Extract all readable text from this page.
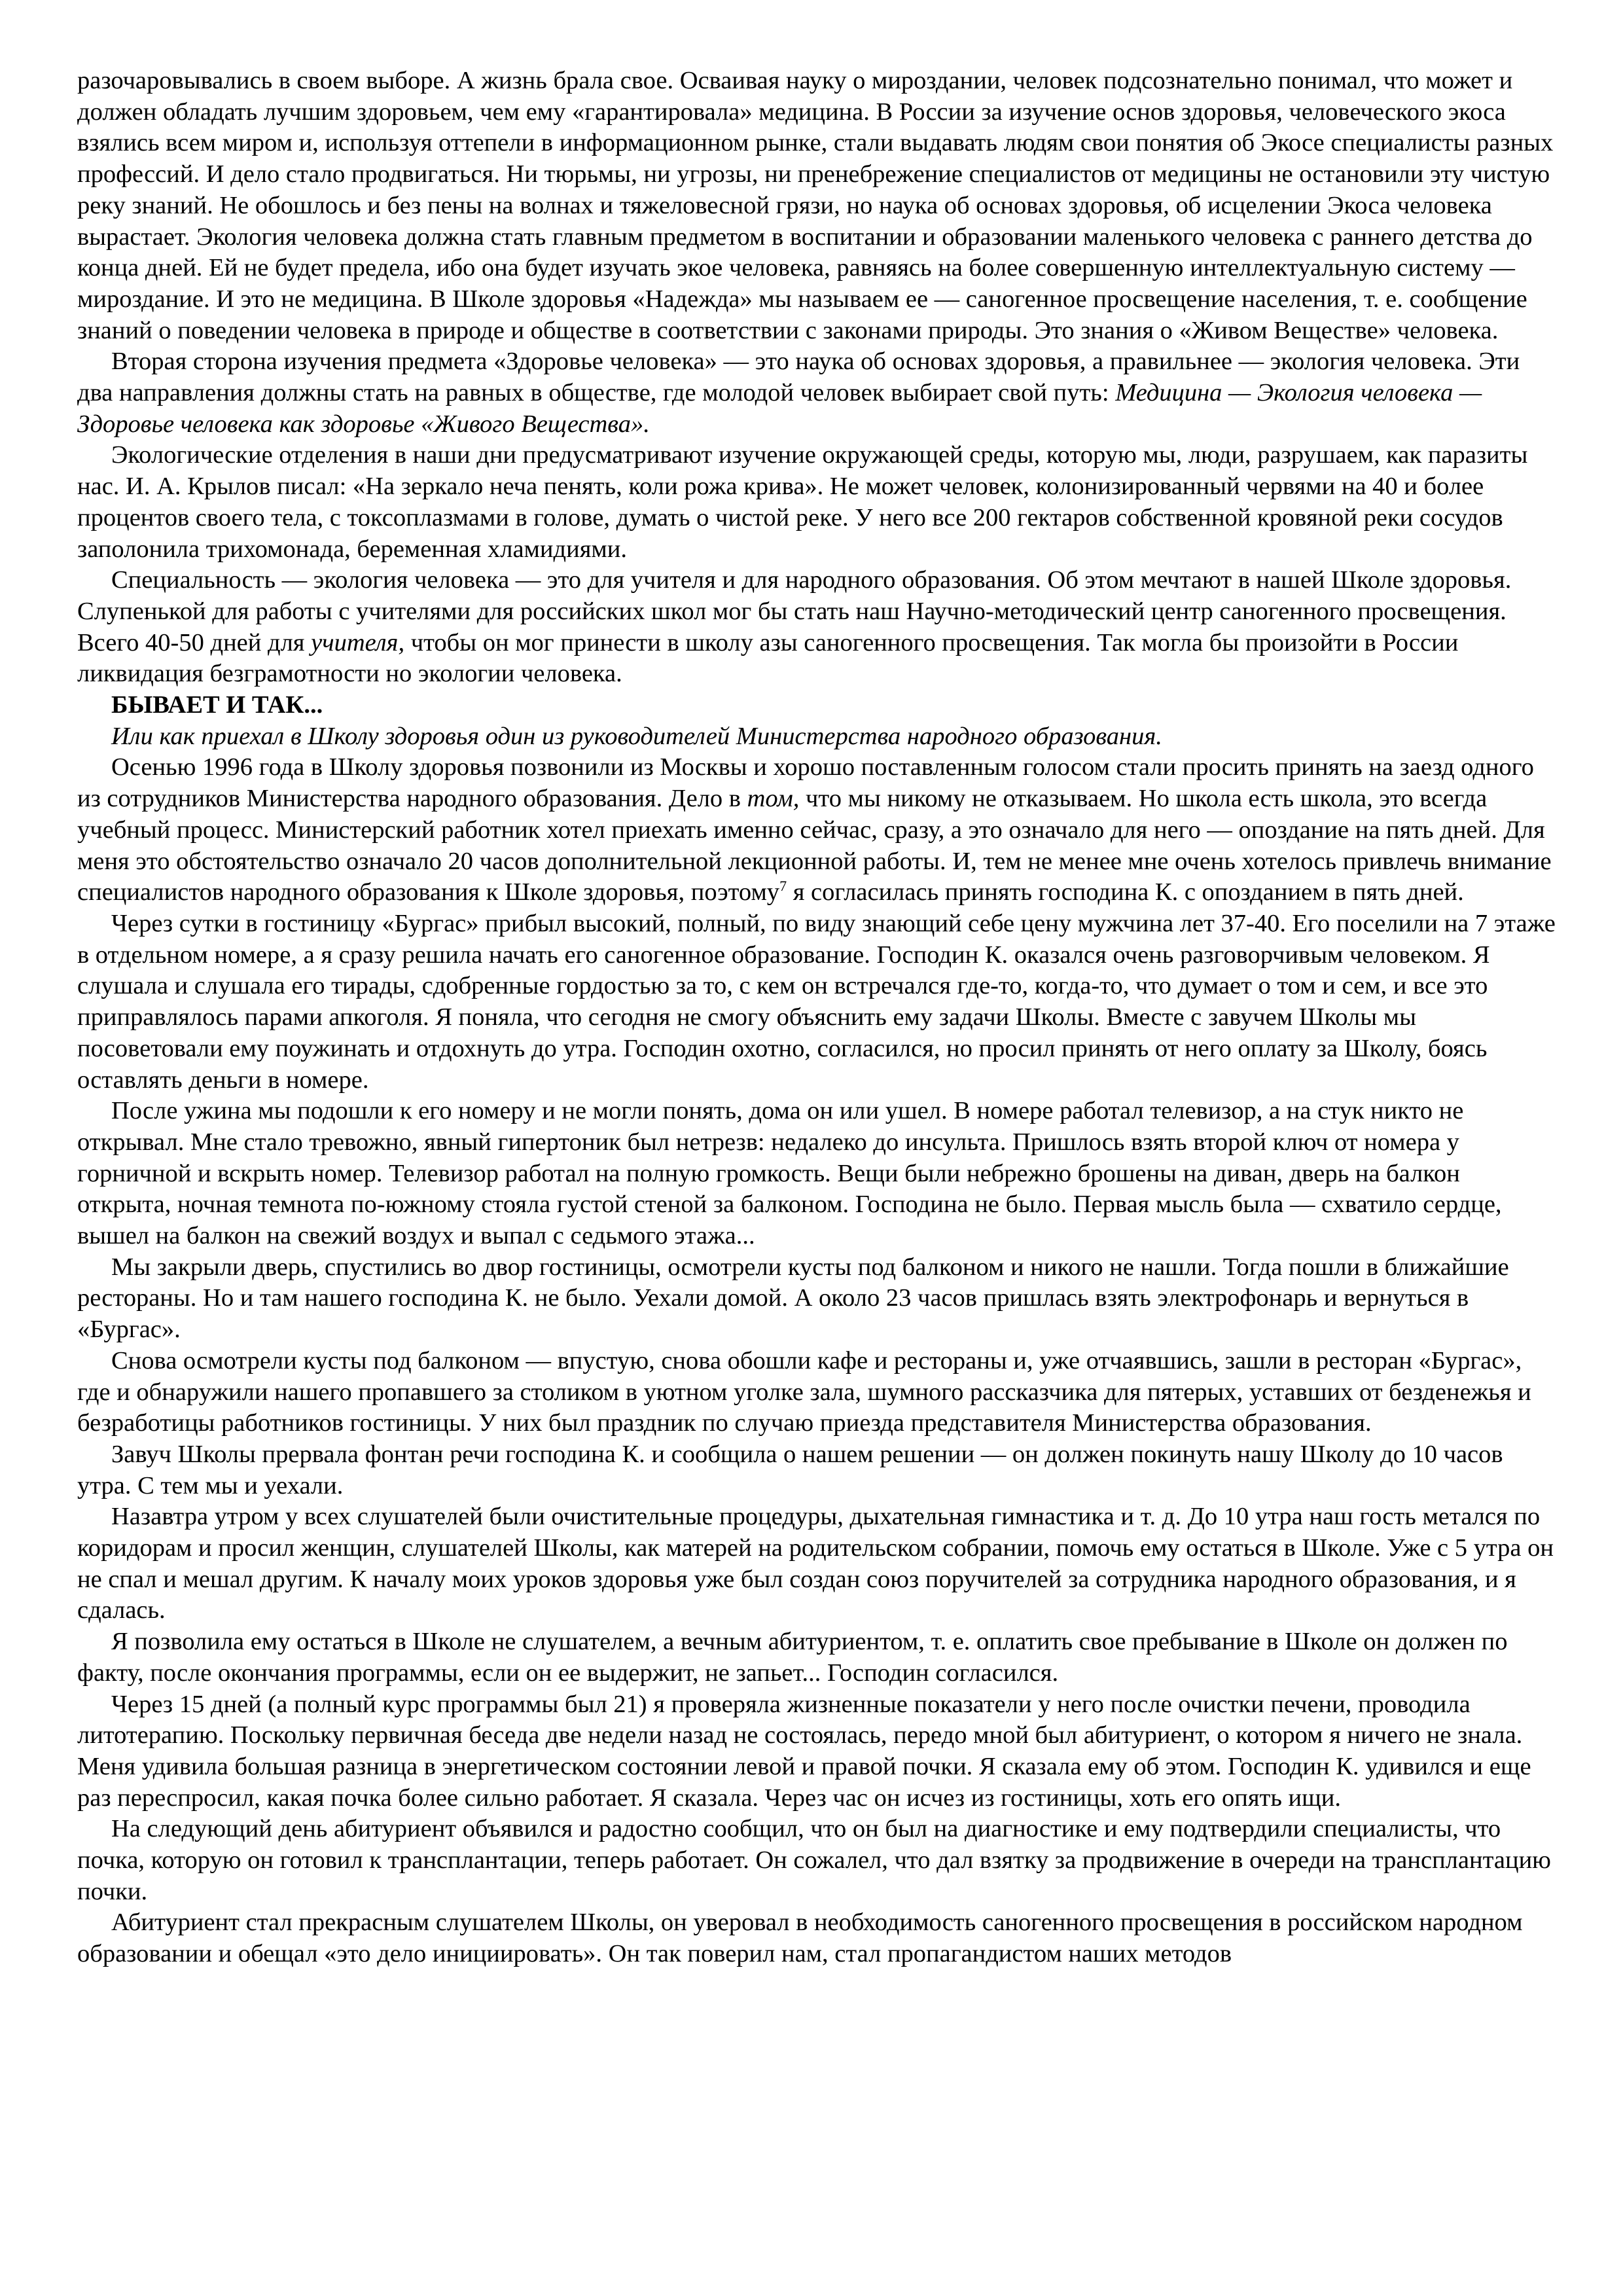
разочаровывались в своем выборе. А жизнь брала свое. Осваивая науку о мироздании, человек подсознательно понимал, что может и должен обладать лучшим здоровьем, чем ему «гарантировала» медицина. В России за изучение основ здоровья, человеческого экоса взялись всем миром и, используя оттепели в информационном рынке, стали выдавать людям свои понятия об Экосе специалисты разных профессий. И дело стало продвигаться. Ни тюрьмы, ни угрозы, ни пренебрежение специалистов от медицины не остановили эту чистую реку знаний. Не обошлось и без пены на волнах и тяжеловесной грязи, но наука об основах здоровья, об исцелении Экоса человека вырастает. Экология человека должна стать главным предметом в воспитании и образовании маленького человека с раннего детства до конца дней. Ей не будет предела, ибо она будет изучать экое человека, равняясь на более совершенную интеллектуальную систему — мироздание. И это не медицина. В Школе здоровья «Надежда» мы называем ее — саногенное просвещение населения, т. е. сообщение знаний о поведении человека в природе и обществе в соответствии с законами природы. Это знания о «Живом Веществе» человека.

Вторая сторона изучения предмета «Здоровье человека» — это наука об основах здоровья, а правильнее — экология человека. Эти два направления должны стать на равных в обществе, где молодой человек выбирает свой путь: Медицина — Экология человека — Здоровье человека как здоровье «Живого Вещества».

Экологические отделения в наши дни предусматривают изучение окружающей среды, которую мы, люди, разрушаем, как паразиты нас. И. А. Крылов писал: «На зеркало неча пенять, коли рожа крива». Не может человек, колонизированный червями на 40 и более процентов своего тела, с токсоплазмами в голове, думать о чистой реке. У него все 200 гектаров собственной кровяной реки сосудов заполонила трихомонада, беременная хламидиями.

Специальность — экология человека — это для учителя и для народного образования. Об этом мечтают в нашей Школе здоровья. Слупенькой для работы с учителями для российских школ мог бы стать наш Научно-методический центр саногенного просвещения. Всего 40-50 дней для учителя, чтобы он мог принести в школу азы саногенного просвещения. Так могла бы произойти в России ликвидация безграмотности но экологии человека.

БЫВАЕТ И ТАК...

Или как приехал в Школу здоровья один из руководителей Министерства народного образования.

Осенью 1996 года в Школу здоровья позвонили из Москвы и хорошо поставленным голосом стали просить принять на заезд одного из сотрудников Министерства народного образования. Дело в том, что мы никому не отказываем. Но школа есть школа, это всегда учебный процесс. Министерский работник хотел приехать именно сейчас, сразу, а это означало для него — опоздание на пять дней. Для меня это обстоятельство означало 20 часов дополнительной лекционной работы. И, тем не менее мне очень хотелось привлечь внимание специалистов народного образования к Школе здоровья, поэтому$^7$ я согласилась принять господина К. с опозданием в пять дней.

Через сутки в гостиницу «Бургас» прибыл высокий, полный, по виду знающий себе цену мужчина лет 37-40. Его поселили на 7 этаже в отдельном номере, а я сразу решила начать его саногенное образование. Господин К. оказался очень разговорчивым человеком. Я слушала и слушала его тирады, сдобренные гордостью за то, с кем он встречался где-то, когда-то, что думает о том и сем, и все это приправлялось парами апкоголя. Я поняла, что сегодня не смогу объяснить ему задачи Школы. Вместе с завучем Школы мы посоветовали ему поужинать и отдохнуть до утра. Господин охотно, согласился, но просил принять от него оплату за Школу, боясь оставлять деньги в номере.

После ужина мы подошли к его номеру и не могли понять, дома он или ушел. В номере работал телевизор, а на стук никто не открывал. Мне стало тревожно, явный гипертоник был нетрезв: недалеко до инсульта. Пришлось взять второй ключ от номера у горничной и вскрыть номер. Телевизор работал на полную громкость. Вещи были небрежно брошены на диван, дверь на балкон открыта, ночная темнота по-южному стояла густой стеной за балконом. Господина не было. Первая мысль была — схватило сердце, вышел на балкон на свежий воздух и выпал с седьмого этажа...

Мы закрыли дверь, спустились во двор гостиницы, осмотрели кусты под балконом и никого не нашли. Тогда пошли в ближайшие рестораны. Но и там нашего господина К. не было. Уехали домой. А около 23 часов пришлась взять электрофонарь и вернуться в «Бургас».

Снова осмотрели кусты под балконом — впустую, снова обошли кафе и рестораны и, уже отчаявшись, зашли в ресторан «Бургас», где и обнаружили нашего пропавшего за столиком в уютном уголке зала, шумного рассказчика для пятерых, уставших от безденежья и безработицы работников гостиницы. У них был праздник по случаю приезда представителя Министерства образования.

Завуч Школы прервала фонтан речи господина К. и сообщила о нашем решении — он должен покинуть нашу Школу до 10 часов утра. С тем мы и уехали.

Назавтра утром у всех слушателей были очистительные процедуры, дыхательная гимнастика и т. д. До 10 утра наш гость метался по коридорам и просил женщин, слушателей Школы, как матерей на родительском собрании, помочь ему остаться в Школе. Уже с 5 утра он не спал и мешал другим. К началу моих уроков здоровья уже был создан союз поручителей за сотрудника народного образования, и я сдалась.

Я позволила ему остаться в Школе не слушателем, а вечным абитуриентом, т. е. оплатить свое пребывание в Школе он должен по факту, после окончания программы, если он ее выдержит, не запьет... Господин согласился.

Через 15 дней (а полный курс программы был 21) я проверяла жизненные показатели у него после очистки печени, проводила литотерапию. Поскольку первичная беседа две недели назад не состоялась, передо мной был абитуриент, о котором я ничего не знала. Меня удивила большая разница в энергетическом состоянии левой и правой почки. Я сказала ему об этом. Господин К. удивился и еще раз переспросил, какая почка более сильно работает. Я сказала. Через час он исчез из гостиницы, хоть его опять ищи.

На следующий день абитуриент объявился и радостно сообщил, что он был на диагностике и ему подтвердили специалисты, что почка, которую он готовил к трансплантации, теперь работает. Он сожалел, что дал взятку за продвижение в очереди на трансплантацию почки.

Абитуриент стал прекрасным слушателем Школы, он уверовал в необходимость саногенного просвещения в российском народном образовании и обещал «это дело инициировать». Он так поверил нам, стал пропагандистом наших методов
